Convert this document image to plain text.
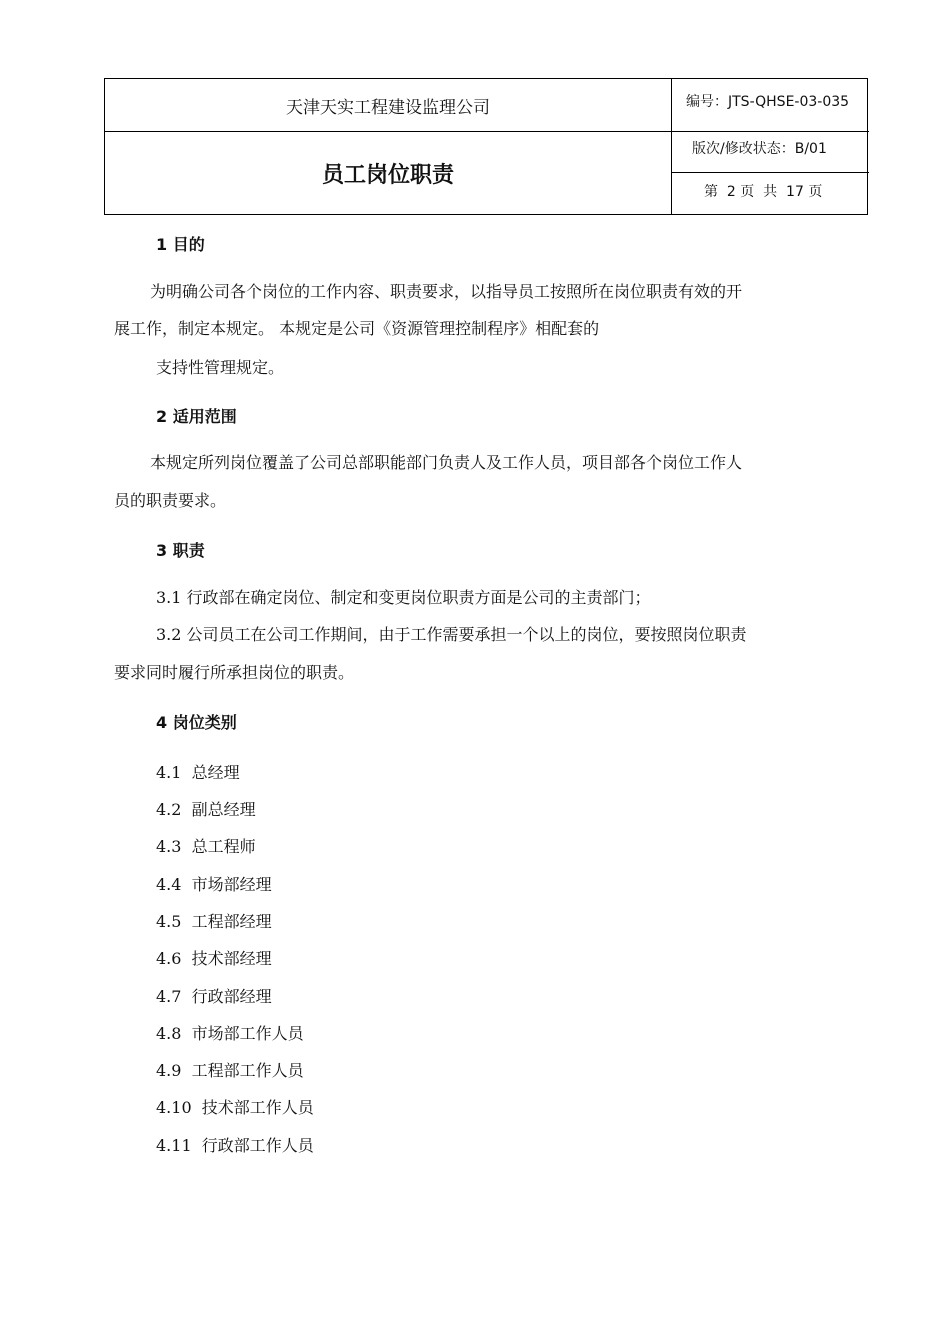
天津天实工程建设监理公司
员工岗位职责
编号：JTS-QHSE-03-035
版次/修改状态：B/01
第  2 页  共  17 页
1 目的
为明确公司各个岗位的工作内容、职责要求，以指导员工按照所在岗位职责有效的开
展工作，制定本规定。 本规定是公司《资源管理控制程序》相配套的
支持性管理规定。
2 适用范围
本规定所列岗位覆盖了公司总部职能部门负责人及工作人员，项目部各个岗位工作人
员的职责要求。
3 职责
3.1 行政部在确定岗位、制定和变更岗位职责方面是公司的主责部门；
3.2 公司员工在公司工作期间，由于工作需要承担一个以上的岗位，要按照岗位职责
要求同时履行所承担岗位的职责。
4 岗位类别
4.1  总经理
4.2  副总经理
4.3  总工程师
4.4  市场部经理
4.5  工程部经理
4.6  技术部经理
4.7  行政部经理
4.8  市场部工作人员
4.9  工程部工作人员
4.10  技术部工作人员
4.11  行政部工作人员
